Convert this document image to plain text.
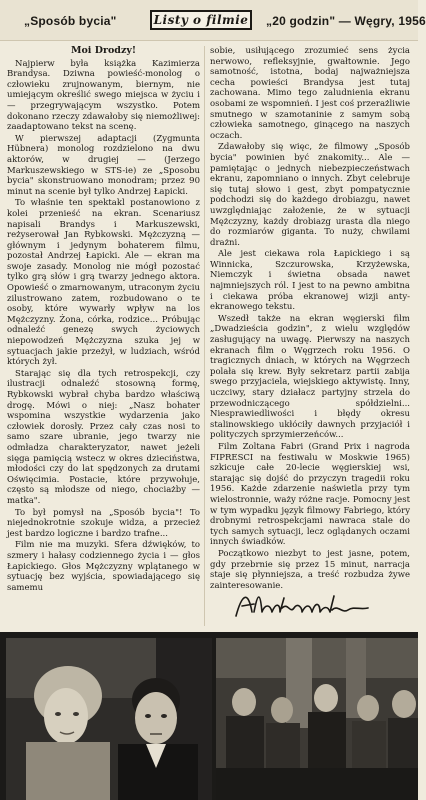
„Sposób bycia"	Listy o filmie „20 godzin" — Węgry, 1956

Moi Drodzy!

Najpierw była książka Kazimierza Brandysa. Dziwna powieść-monolog o człowieku zrujnowanym, biernym, nie umiejącym określić swego miejsca w życiu i — przegrywającym wszystko. Potem dokonano rzeczy zdawałoby się niemożliwej: zaadaptowano tekst na scenę.

W pierwszej adaptacji (Zygmunta Hübnera) monolog rozdzielono na dwu aktorów, w drugiej — (Jerzego Markuszewskiego w STS-ie) ze „Sposobu bycia" skonstruowano monodram; przez 90 minut na scenie był tylko Andrzej Łapicki.

To właśnie ten spektakl postanowiono z kolei przenieść na ekran. Scenariusz napisali Brandys i Markuszewski, reżyserował Jan Rybkowski. Mężczyzną — głównym i jedynym bohaterem filmu, pozostał Andrzej Łapicki. Ale — ekran ma swoje zasady. Monolog nie mógł pozostać tylko grą słów i grą twarzy jednego aktora. Opowieść o zmarnowanym, utraconym życiu zilustrowano zatem, rozbudowano o te osoby, które wywarły wpływ na los Mężczyzny. Żona, córka, rodzice... Próbując odnaleźć genezę swych życiowych niepowodzeń Mężczyzna szuka jej w sytuacjach jakie przeżył, w ludziach, wśród których żył.

Starając się dla tych retrospekcji, czy ilustracji odnaleźć stosowną formę, Rybkowski wybrał chyba bardzo właściwą drogę. Mówi o niej: „Nasz bohater wspomina wszystkie wydarzenia jako człowiek dorosły. Przez cały czas nosi to samo szare ubranie, jego twarzy nie odmładza charakteryzator, nawet jeżeli sięga pamięcią wstecz w okres dzieciństwa, młodości czy do lat spędzonych za drutami Oświęcimia. Postacie, które przywołuje, często są młodsze od niego, chociażby — matka".

To był pomysł na „Sposób bycia"! To niejednokrotnie szokuje widza, a przecież jest bardzo logiczne i bardzo trafne...

Film nie ma muzyki. Sfera dźwięków, to szmery i hałasy codziennego życia i — głos Łapickiego. Głos Mężczyzny wplątanego w sytuację bez wyjścia, spowiadającego się samemu

sobie, usiłującego zrozumieć sens życia nerwowo, refleksyjnie, gwałtownie. Jego samotność, istotna, bodaj najważniejsza cecha powieści Brandysa jest tutaj zachowana. Mimo tego zaludnienia ekranu osobami ze wspomnień. I jest coś przerażliwie smutnego w szamotaninie z samym sobą człowieka samotnego, ginącego na naszych oczach.

Zdawałoby się więc, że filmowy „Sposób bycia" powinien być znakomity... Ale — pamiętając o jednych niebezpieczeństwach ekranu, zapomniano o innych. Zbyt celebruje się tutaj słowo i gest, zbyt pompatycznie podchodzi się do każdego drobiazgu, nawet uwzględniając założenie, że w sytuacji Mężczyzny, każdy drobiazg urasta dla niego do rozmiarów giganta. To nuży, chwilami drażni.

Ale jest ciekawa rola Łapickiego i są Winnicka, Szczurowska, Krzyżewska, Niemczyk i świetna obsada nawet najmniejszych ról. I jest to na pewno ambitna i ciekawa próba ekranowej wizji anty-ekranowego tekstu.

Wszedł także na ekran węgierski film „Dwadzieścia godzin", z wielu względów zasługujący na uwagę. Pierwszy na naszych ekranach film o Węgrzech roku 1956. O tragicznych dniach, w których na Węgrzech polała się krew. Były sekretarz partii zabija swego przyjaciela, wiejskiego aktywistę. Inny, uczciwy, stary działacz partyjny strzela do przewodniczącego spółdzielni... Niesprawiedliwości i błędy okresu stalinowskiego ukłóciły dawnych przyjaciół i polityczych sprzymierzeńców...

Film Zoltana Fabri (Grand Prix i nagroda FIPRESCI na festiwalu w Moskwie 1965) szkicuje całe 20-lecie węgierskiej wsi, starając się dojść do przyczyn tragedii roku 1956. Każde zdarzenie naświetla przy tym wielostronnie, waży różne racje. Pomocny jest w tym wypadku język filmowy Fabriego, który drobnymi retrospekcjami nawraca stale do tych samych sytuacji, lecz oglądanych oczami innych świadków.

Początkowo niezbyt to jest jasne, potem, gdy przebrnie się przez 15 minut, narracja staje się płynniejsza, a treść rozbudza żywe zainteresowanie.
